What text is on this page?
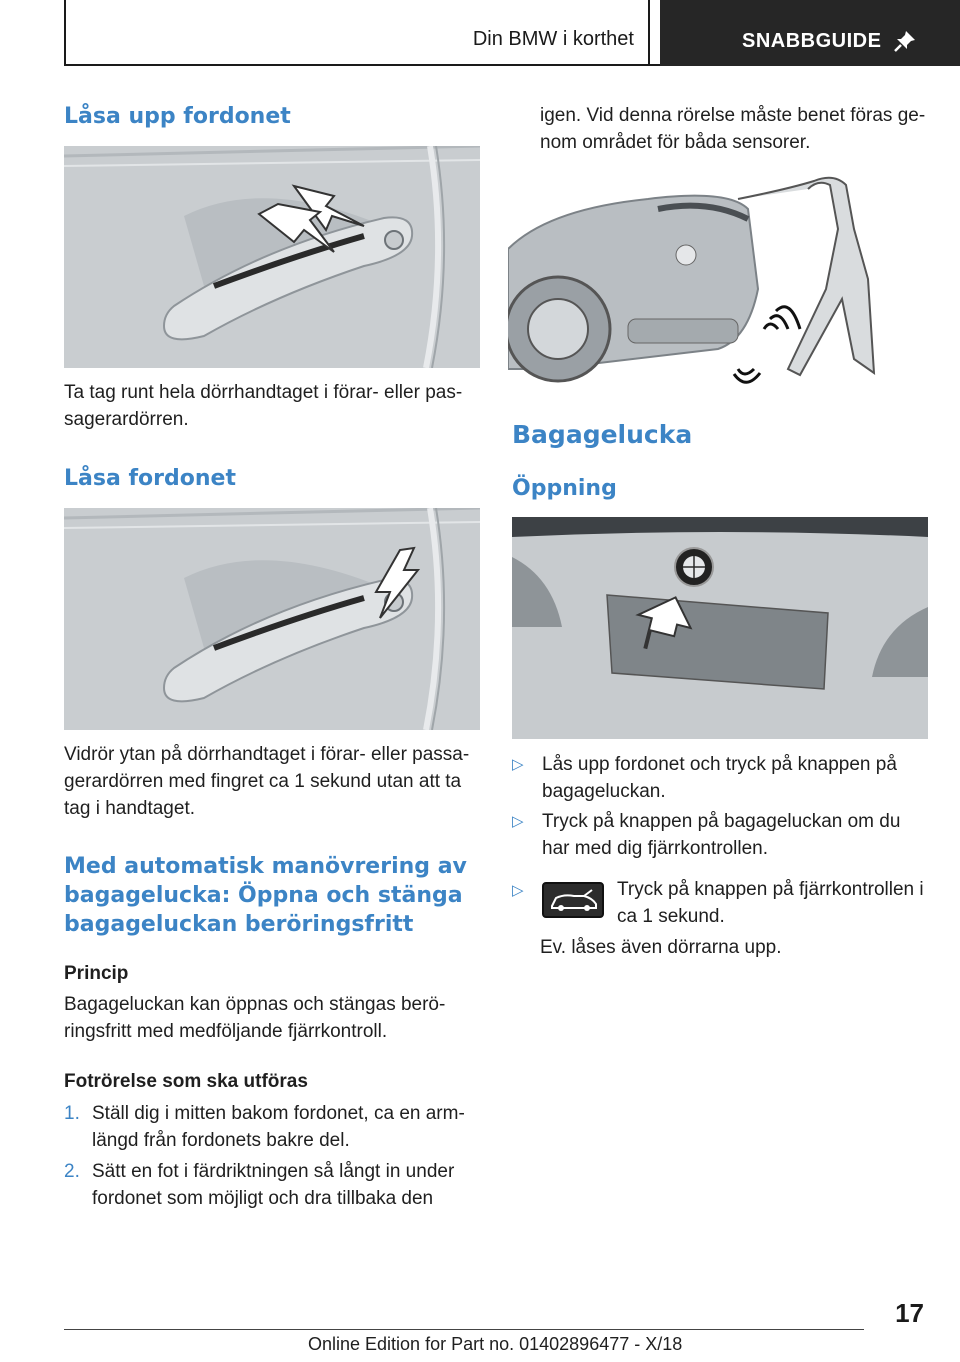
Din BMW i korthet	SNABBGUIDE
Låsa upp fordonet
Ta tag runt hela dörrhandtaget i förar- eller pas-sagerardörren.
Låsa fordonet
Vidrör ytan på dörrhandtaget i förar- eller passa-gerardörren med fingret ca 1 sekund utan att ta tag i handtaget.
Med automatisk manövrering av bagagelucka: Öppna och stänga bagageluckan beröringsfritt
Princip
Bagageluckan kan öppnas och stängas berö-ringsfritt med medföljande fjärrkontroll.
Fotrörelse som ska utföras
1. Ställ dig i mitten bakom fordonet, ca en arm-längd från fordonets bakre del.
2. Sätt en fot i färdriktningen så långt in under fordonet som möjligt och dra tillbaka den
igen. Vid denna rörelse måste benet föras ge-nom området för båda sensorer.
Bagagelucka
Öppning
▷ Lås upp fordonet och tryck på knappen på bagageluckan.
▷ Tryck på knappen på bagageluckan om du har med dig fjärrkontrollen.
▷	Tryck på knappen på fjärrkontrollen i ca 1 sekund.
Ev. låses även dörrarna upp.
17
Online Edition for Part no. 01402896477 - X/18
